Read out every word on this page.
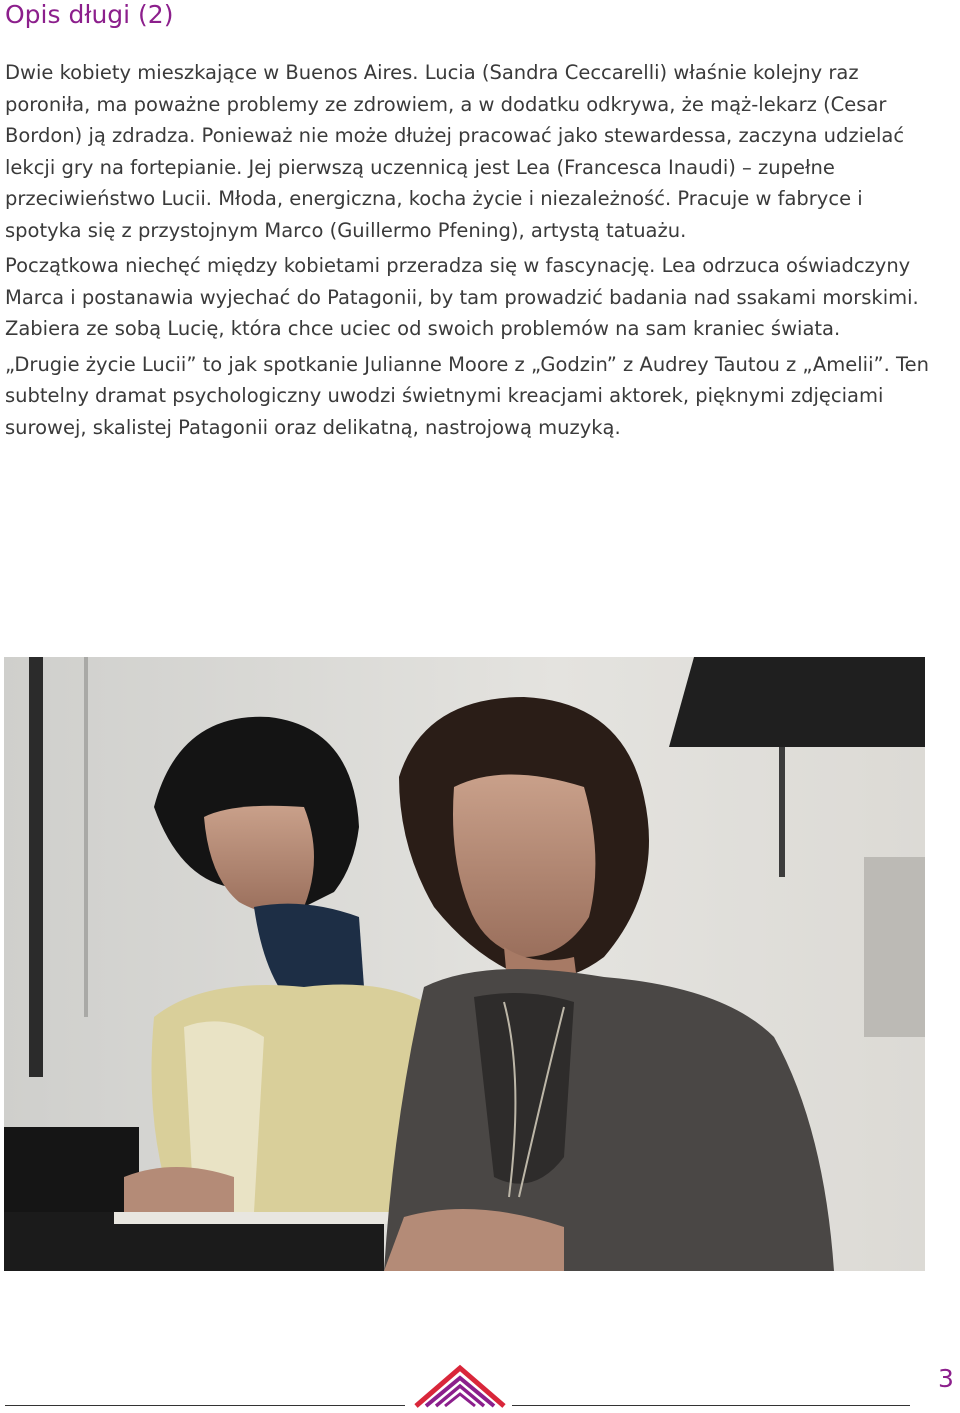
Opis długi (2)

Dwie kobiety mieszkające w Buenos Aires. Lucia (Sandra Ceccarelli) właśnie kolejny raz poroniła, ma poważne problemy ze zdrowiem, a w dodatku odkrywa, że mąż-lekarz (Cesar Bordon) ją zdradza. Ponieważ nie może dłużej pracować jako stewardessa, zaczyna udzielać lekcji gry na fortepianie. Jej pierwszą uczennicą jest Lea (Francesca Inaudi) – zupełne przeciwieństwo Lucii. Młoda, energiczna, kocha życie i niezależność. Pracuje w fabryce i spotyka się z przystojnym Marco (Guillermo Pfening), artystą tatuażu.

Początkowa niechęć między kobietami przeradza się w fascynację. Lea odrzuca oświadczyny Marca i postanawia wyjechać do Patagonii, by tam prowadzić badania nad ssakami morskimi. Zabiera ze sobą Lucię, która chce uciec od swoich problemów na sam kraniec świata.

„Drugie życie Lucii” to jak spotkanie Julianne Moore z „Godzin” z Audrey Tautou z „Amelii”. Ten subtelny dramat psychologiczny uwodzi świetnymi kreacjami aktorek, pięknymi zdjęciami surowej, skalistej Patagonii oraz delikatną, nastrojową muzyką.

3
